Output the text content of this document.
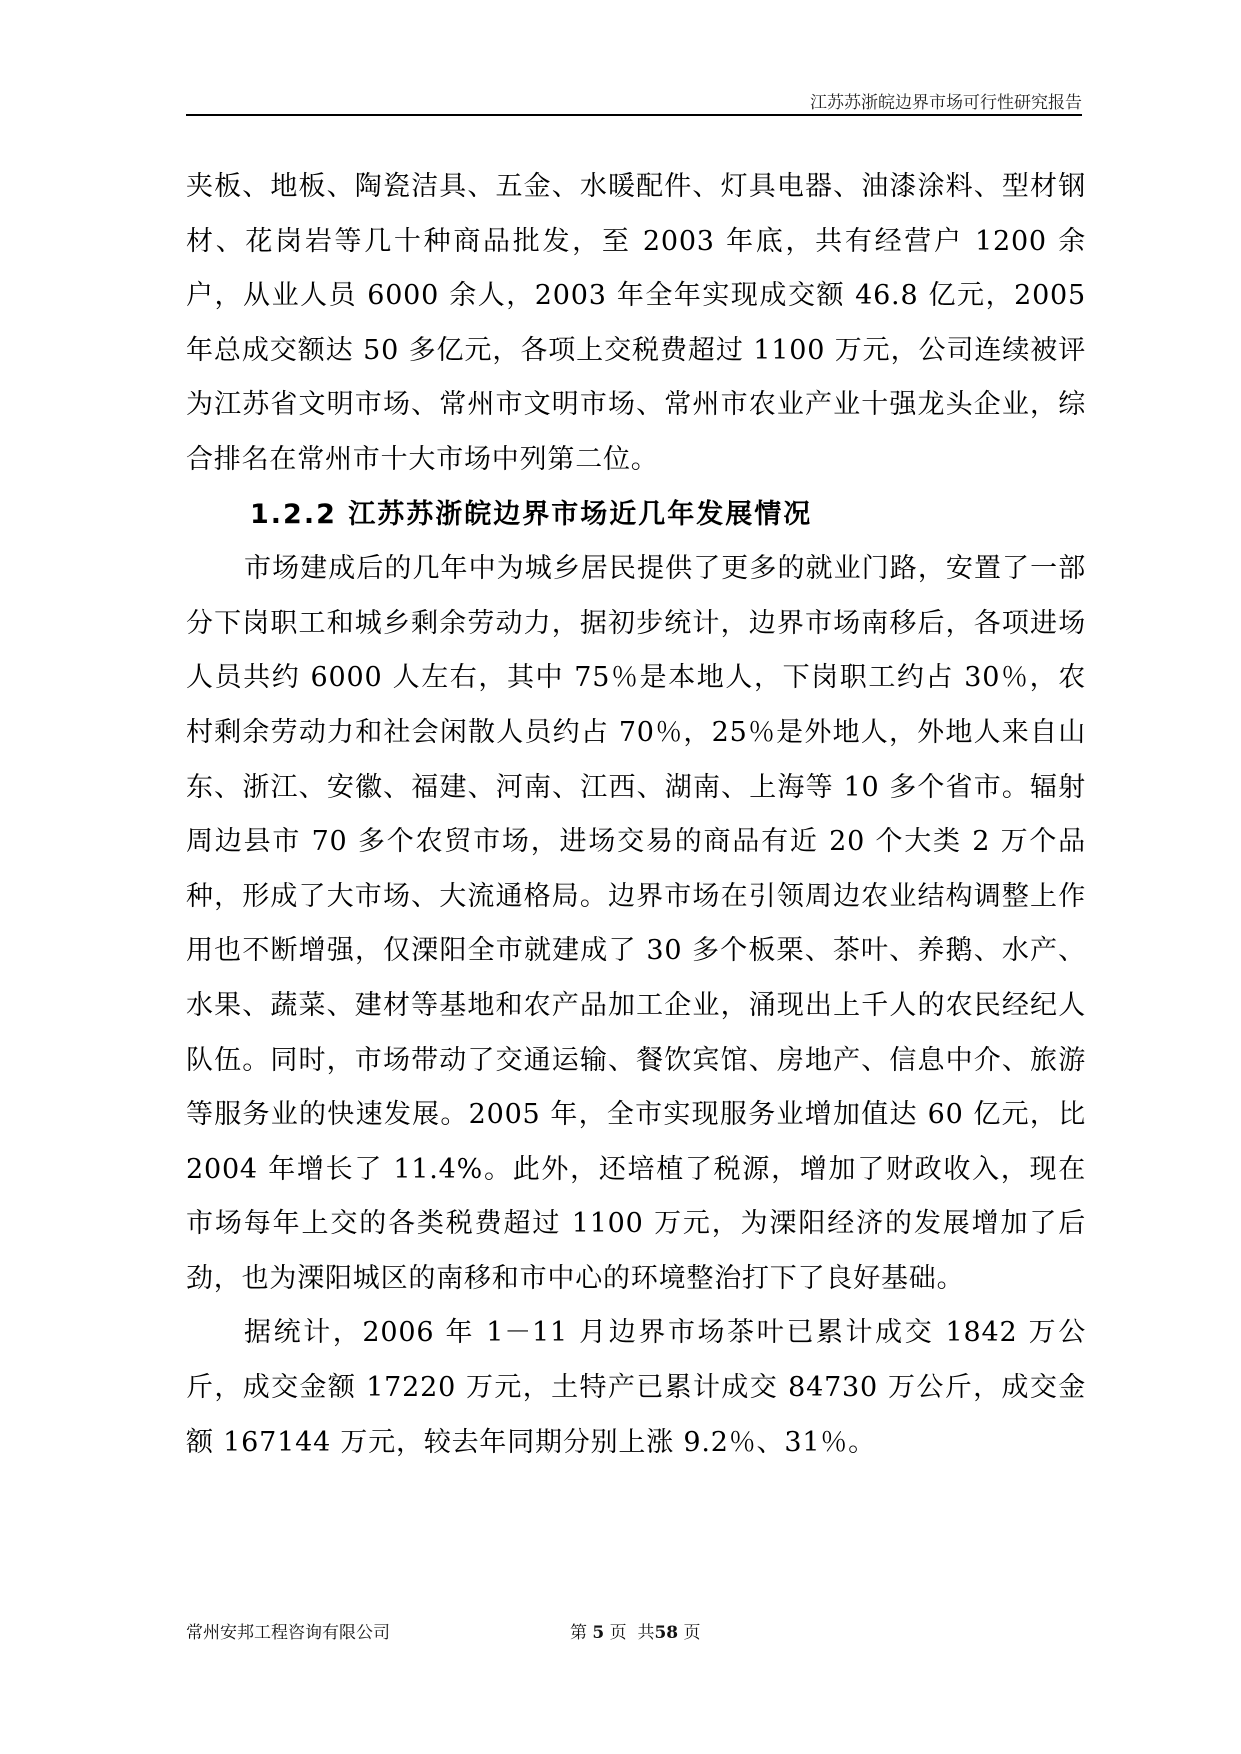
江苏苏浙皖边界市场可行性研究报告

夹板、地板、陶瓷洁具、五金、水暖配件、灯具电器、油漆涂料、型材钢材、花岗岩等几十种商品批发，至 2003 年底，共有经营户 1200 余户，从业人员 6000 余人，2003 年全年实现成交额 46.8 亿元，2005 年总成交额达 50 多亿元，各项上交税费超过 1100 万元，公司连续被评为江苏省文明市场、常州市文明市场、常州市农业产业十强龙头企业，综合排名在常州市十大市场中列第二位。

1.2.2 江苏苏浙皖边界市场近几年发展情况

市场建成后的几年中为城乡居民提供了更多的就业门路，安置了一部分下岗职工和城乡剩余劳动力，据初步统计，边界市场南移后，各项进场人员共约 6000 人左右，其中 75％是本地人，下岗职工约占 30％，农村剩余劳动力和社会闲散人员约占 70％，25％是外地人，外地人来自山东、浙江、安徽、福建、河南、江西、湖南、上海等 10 多个省市。辐射周边县市 70 多个农贸市场，进场交易的商品有近 20 个大类 2 万个品种，形成了大市场、大流通格局。边界市场在引领周边农业结构调整上作用也不断增强，仅溧阳全市就建成了 30 多个板栗、茶叶、养鹅、水产、水果、蔬菜、建材等基地和农产品加工企业，涌现出上千人的农民经纪人队伍。同时，市场带动了交通运输、餐饮宾馆、房地产、信息中介、旅游等服务业的快速发展。2005 年，全市实现服务业增加值达 60 亿元，比 2004 年增长了 11.4%。此外，还培植了税源，增加了财政收入，现在市场每年上交的各类税费超过 1100 万元，为溧阳经济的发展增加了后劲，也为溧阳城区的南移和市中心的环境整治打下了良好基础。

据统计，2006 年 1－11 月边界市场茶叶已累计成交 1842 万公斤，成交金额 17220 万元，土特产已累计成交 84730 万公斤，成交金额 167144 万元，较去年同期分别上涨 9.2％、31％。

常州安邦工程咨询有限公司	第 5 页  共58 页
